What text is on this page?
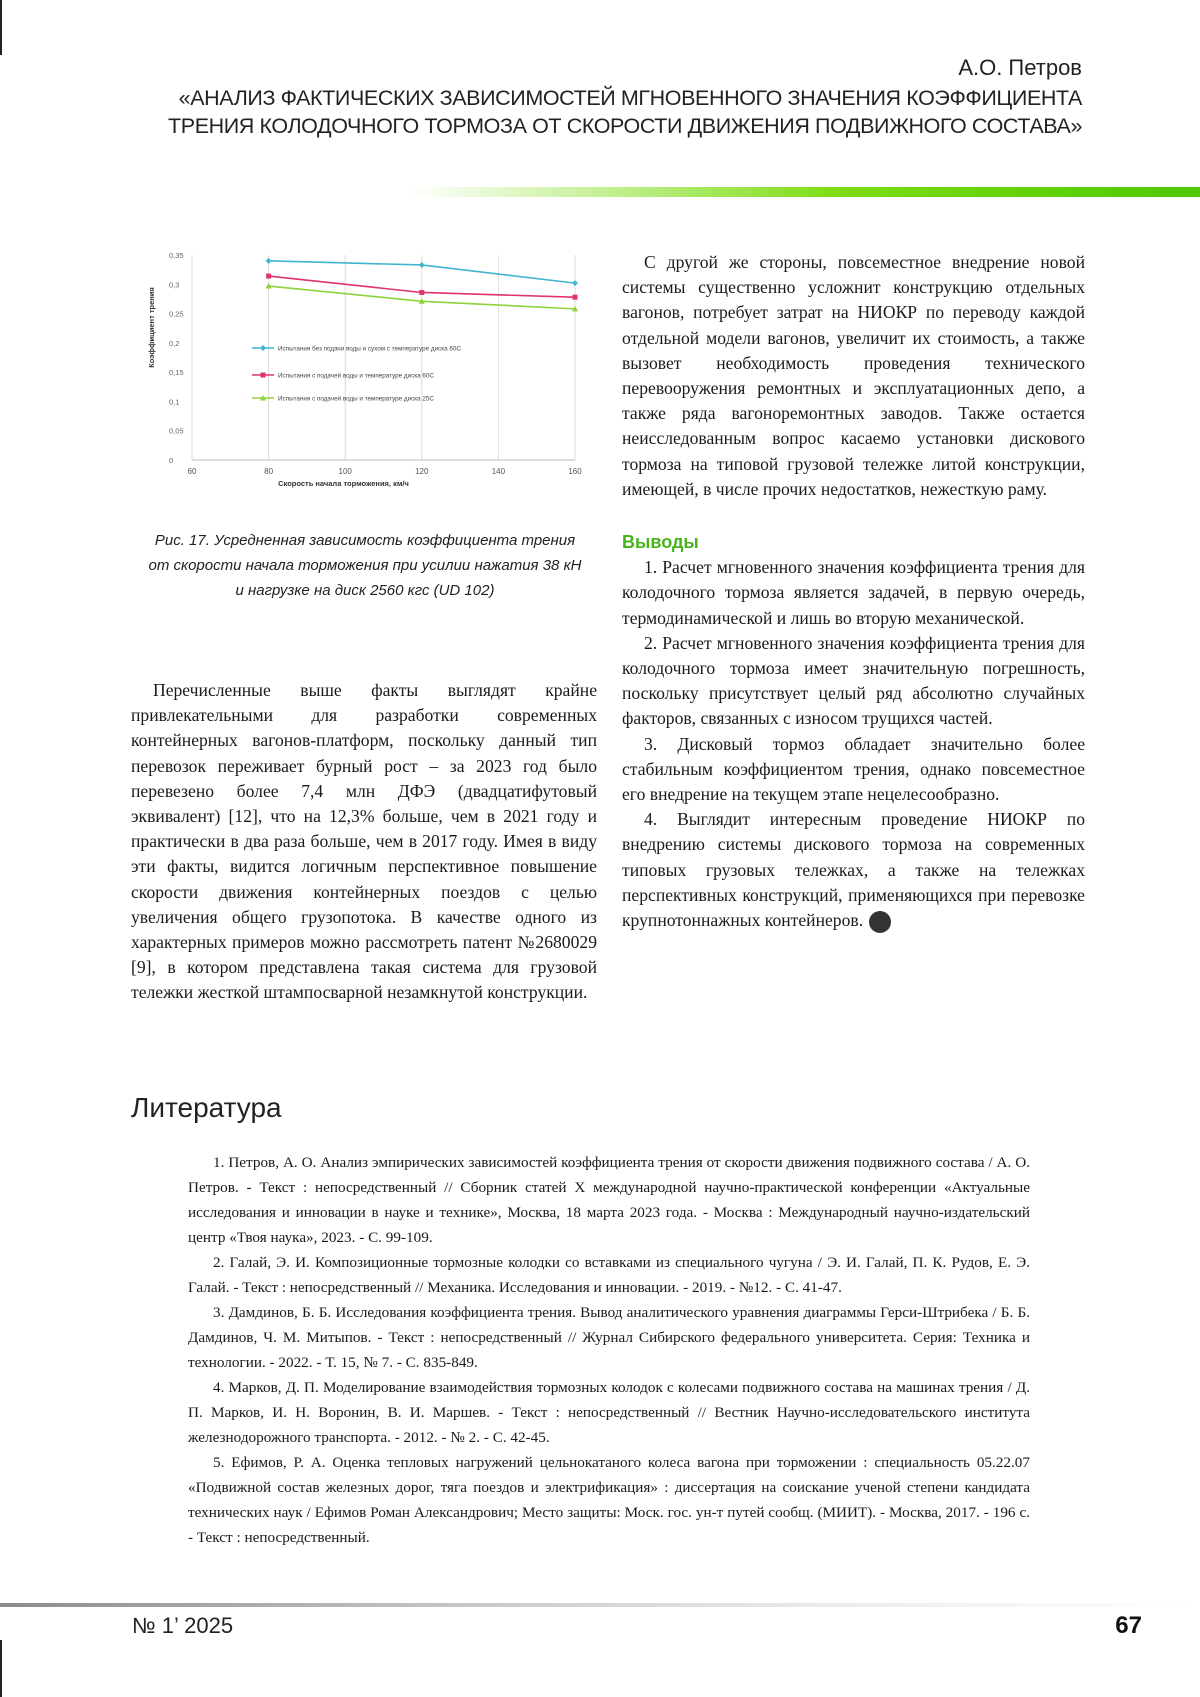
А.О. Петров
«АНАЛИЗ ФАКТИЧЕСКИХ ЗАВИСИМОСТЕЙ МГНОВЕННОГО ЗНАЧЕНИЯ КОЭФФИЦИЕНТА
ТРЕНИЯ КОЛОДОЧНОГО ТОРМОЗА ОТ СКОРОСТИ ДВИЖЕНИЯ ПОДВИЖНОГО СОСТАВА»
60	80	100	120	140	160
0
0,05
0,1
0,15
0,2
0,25
0,3
0,35
Скорость начала торможения, км/ч
Коэффициент трения	Испытания без подачи воды и сухом с температуре диска 60С
Испытания с подачей воды и температуре диска 60С
Испытания с подачей воды и температуре диска 25С
Рис. 17. Усредненная зависимость коэффициента трения
от скорости начала торможения при усилии нажатия 38 кН
и нагрузке на диск 2560 кгс (UD 102)

С другой же стороны, повсеместное внедрение новой системы существенно усложнит конструкцию отдельных вагонов, потребует затрат на НИОКР по переводу каждой отдельной модели вагонов, увеличит их стоимость, а также вызовет необходимость проведения технического перевооружения ремонтных и эксплуатационных депо, а также ряда вагоноремонтных заводов. Также остается неисследованным вопрос касаемо установки дискового тормоза на типовой грузовой тележке литой конструкции, имеющей, в числе прочих недостатков, нежесткую раму.

Выводы

1. Расчет мгновенного значения коэффициента трения для колодочного тормоза является задачей, в первую очередь, термодинамической и лишь во вторую механической.

2. Расчет мгновенного значения коэффициента трения для колодочного тормоза имеет значительную погрешность, поскольку присутствует целый ряд абсолютно случайных факторов, связанных с износом трущихся частей.

3. Дисковый тормоз обладает значительно более стабильным коэффициентом трения, однако повсеместное его внедрение на текущем этапе нецелесообразно.

4. Выглядит интересным проведение НИОКР по внедрению системы дискового тормоза на современных типовых грузовых тележках, а также на тележках перспективных конструкций, применяющихся при перевозке крупнотоннажных контейнеров.	ИТТ

Перечисленные выше факты выглядят крайне привлекательными для разработки современных контейнерных вагонов-платформ, поскольку данный тип перевозок переживает бурный рост – за 2023 год было перевезено более 7,4 млн ДФЭ (двадцатифутовый эквивалент) [12], что на 12,3% больше, чем в 2021 году и практически в два раза больше, чем в 2017 году. Имея в виду эти факты, видится логичным перспективное повышение скорости движения контейнерных поездов с целью увеличения общего грузопотока. В качестве одного из характерных примеров можно рассмотреть патент №2680029 [9], в котором представлена такая система для грузовой тележки жесткой штампосварной незамкнутой конструкции.

Литература

1. Петров, А. О. Анализ эмпирических зависимостей коэффициента трения от скорости движения подвижного состава / А. О. Петров. - Текст : непосредственный // Сборник статей X международной научно-практической конференции «Актуальные исследования и инновации в науке и технике», Москва, 18 марта 2023 года. - Москва : Международный научно-издательский центр «Твоя наука», 2023. - С. 99-109.

2. Галай, Э. И. Композиционные тормозные колодки со вставками из специального чугуна / Э. И. Галай, П. К. Рудов, Е. Э. Галай. - Текст : непосредственный // Механика. Исследования и инновации. - 2019. - №12. - С. 41-47.

3. Дамдинов, Б. Б. Исследования коэффициента трения. Вывод аналитического уравнения диаграммы Герси-Штрибека / Б. Б. Дамдинов, Ч. М. Митыпов. - Текст : непосредственный // Журнал Сибирского федерального университета. Серия: Техника и технологии. - 2022. - Т. 15, № 7. - С. 835-849.

4. Марков, Д. П. Моделирование взаимодействия тормозных колодок с колесами подвижного состава на машинах трения / Д. П. Марков, И. Н. Воронин, В. И. Маршев. - Текст : непосредственный // Вестник Научно-исследовательского института железнодорожного транспорта. - 2012. - № 2. - С. 42-45.

5. Ефимов, Р. А. Оценка тепловых нагружений цельнокатаного колеса вагона при торможении : специальность 05.22.07 «Подвижной состав железных дорог, тяга поездов и электрификация» : диссертация на соискание ученой степени кандидата технических наук / Ефимов Роман Александрович; Место защиты: Моск. гос. ун-т путей сообщ. (МИИТ). - Москва, 2017. - 196 с. - Текст : непосредственный.

№ 1’ 2025	67
